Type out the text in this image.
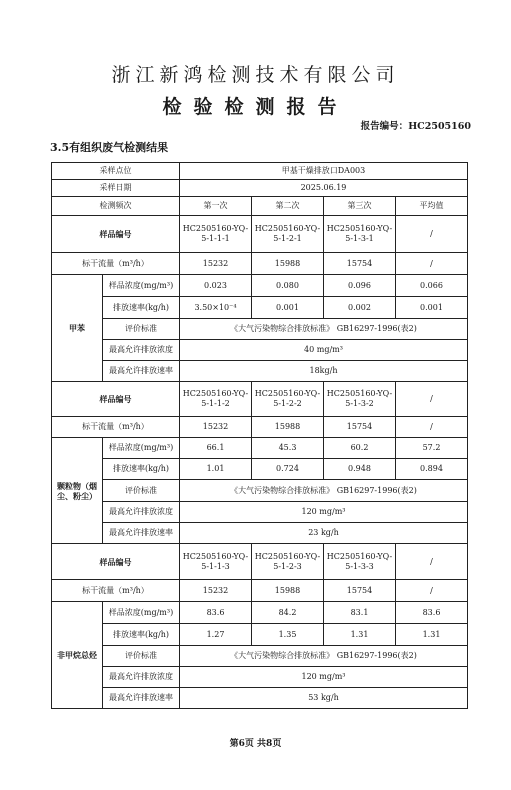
浙江新鸿检测技术有限公司
检验检测报告
报告编号：HC2505160
3.5有组织废气检测结果
采样点位		甲基干燥排放口DA003			
采样日期		2025.06.19			
检测频次		第一次	第二次	第三次	平均值
样品编号		HC2505160-YQ-5-1-1-1	HC2505160-YQ-5-1-2-1	HC2505160-YQ-5-1-3-1	/
标干流量（m³/h）		15232	15988	15754	/
甲苯	样品浓度(mg/m³)	0.023	0.080	0.096	0.066
	排放速率(kg/h)	3.50×10⁻⁴	0.001	0.002	0.001
	评价标准	《大气污染物综合排放标准》 GB16297-1996(表2)			
	最高允许排放浓度	40 mg/m³			
	最高允许排放速率	18kg/h			
样品编号		HC2505160-YQ-5-1-1-2	HC2505160-YQ-5-1-2-2	HC2505160-YQ-5-1-3-2	/
标干流量（m³/h）		15232	15988	15754	/
颗粒物（烟尘、粉尘）	样品浓度(mg/m³)	66.1	45.3	60.2	57.2
	排放速率(kg/h)	1.01	0.724	0.948	0.894
	评价标准	《大气污染物综合排放标准》 GB16297-1996(表2)			
	最高允许排放浓度	120 mg/m³			
	最高允许排放速率	23 kg/h			
样品编号		HC2505160-YQ-5-1-1-3	HC2505160-YQ-5-1-2-3	HC2505160-YQ-5-1-3-3	/
标干流量（m³/h）		15232	15988	15754	/
非甲烷总烃	样品浓度(mg/m³)	83.6	84.2	83.1	83.6
	排放速率(kg/h)	1.27	1.35	1.31	1.31
	评价标准	《大气污染物综合排放标准》 GB16297-1996(表2)			
	最高允许排放浓度	120 mg/m³			
	最高允许排放速率	53 kg/h			
第6页 共8页
